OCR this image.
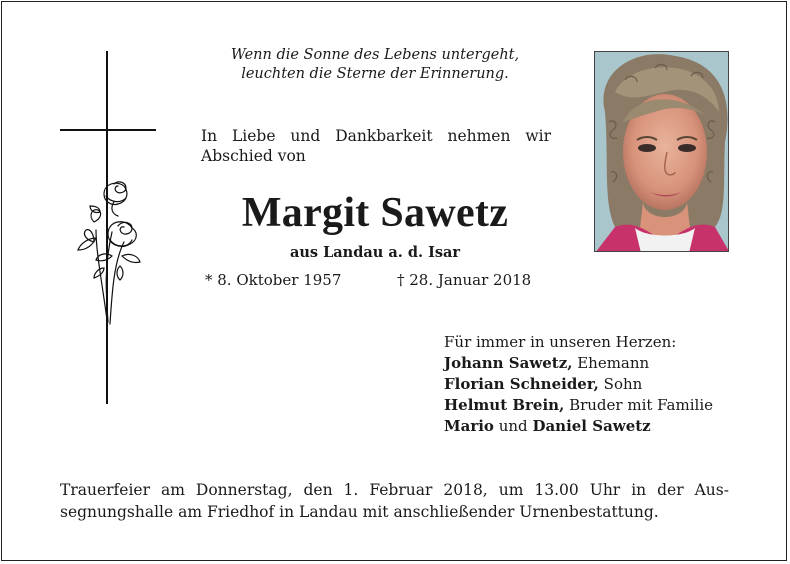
Wenn die Sonne des Lebens untergeht,
leuchten die Sterne der Erinnerung.
In Liebe und Dankbarkeit nehmen wir
Abschied von
Margit Sawetz
aus Landau a. d. Isar
* 8. Oktober 1957	† 28. Januar 2018
Für immer in unseren Herzen:
Johann Sawetz, Ehemann
Florian Schneider, Sohn
Helmut Brein, Bruder mit Familie
Mario und Daniel Sawetz
Trauerfeier am Donnerstag, den 1. Februar 2018, um 13.00 Uhr in der Aus-
segnungshalle am Friedhof in Landau mit anschließender Urnenbestattung.
